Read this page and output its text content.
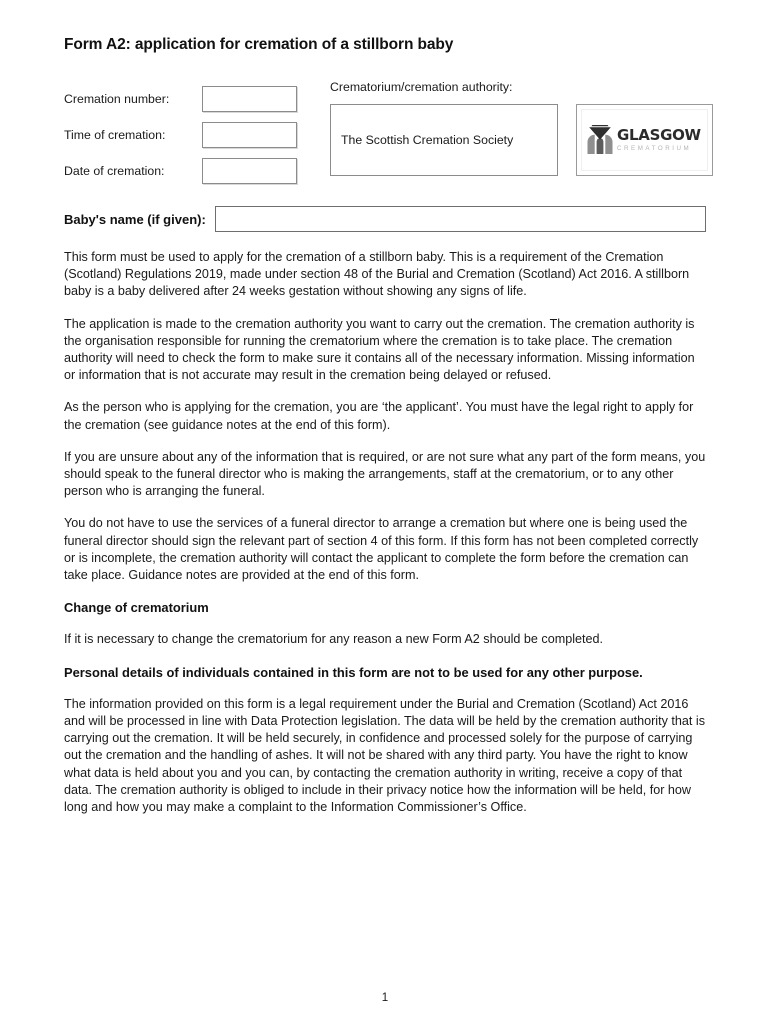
Form A2: application for cremation of a stillborn baby
Cremation number:
Time of cremation:
Date of cremation:
Crematorium/cremation authority:
The Scottish Cremation Society	GLASGOW
CREMATORIUM
Baby's name (if given):

This form must be used to apply for the cremation of a stillborn baby. This is a requirement of the Cremation (Scotland) Regulations 2019, made under section 48 of the Burial and Cremation (Scotland) Act 2016. A stillborn baby is a baby delivered after 24 weeks gestation without showing any signs of life.

The application is made to the cremation authority you want to carry out the cremation. The cremation authority is the organisation responsible for running the crematorium where the cremation is to take place. The cremation authority will need to check the form to make sure it contains all of the necessary information. Missing information or information that is not accurate may result in the cremation being delayed or refused.

As the person who is applying for the cremation, you are ‘the applicant’. You must have the legal right to apply for the cremation (see guidance notes at the end of this form).

If you are unsure about any of the information that is required, or are not sure what any part of the form means, you should speak to the funeral director who is making the arrangements, staff at the crematorium, or to any other person who is arranging the funeral.

You do not have to use the services of a funeral director to arrange a cremation but where one is being used the funeral director should sign the relevant part of section 4 of this form. If this form has not been completed correctly or is incomplete, the cremation authority will contact the applicant to complete the form before the cremation can take place. Guidance notes are provided at the end of this form.

Change of crematorium

If it is necessary to change the crematorium for any reason a new Form A2 should be completed.

Personal details of individuals contained in this form are not to be used for any other purpose.

The information provided on this form is a legal requirement under the Burial and Cremation (Scotland) Act 2016 and will be processed in line with Data Protection legislation. The data will be held by the cremation authority that is carrying out the cremation. It will be held securely, in confidence and processed solely for the purpose of carrying out the cremation and the handling of ashes. It will not be shared with any third party. You have the right to know what data is held about you and you can, by contacting the cremation authority in writing, receive a copy of that data. The cremation authority is obliged to include in their privacy notice how the information will be held, for how long and how you may make a complaint to the Information Commissioner’s Office.

1
